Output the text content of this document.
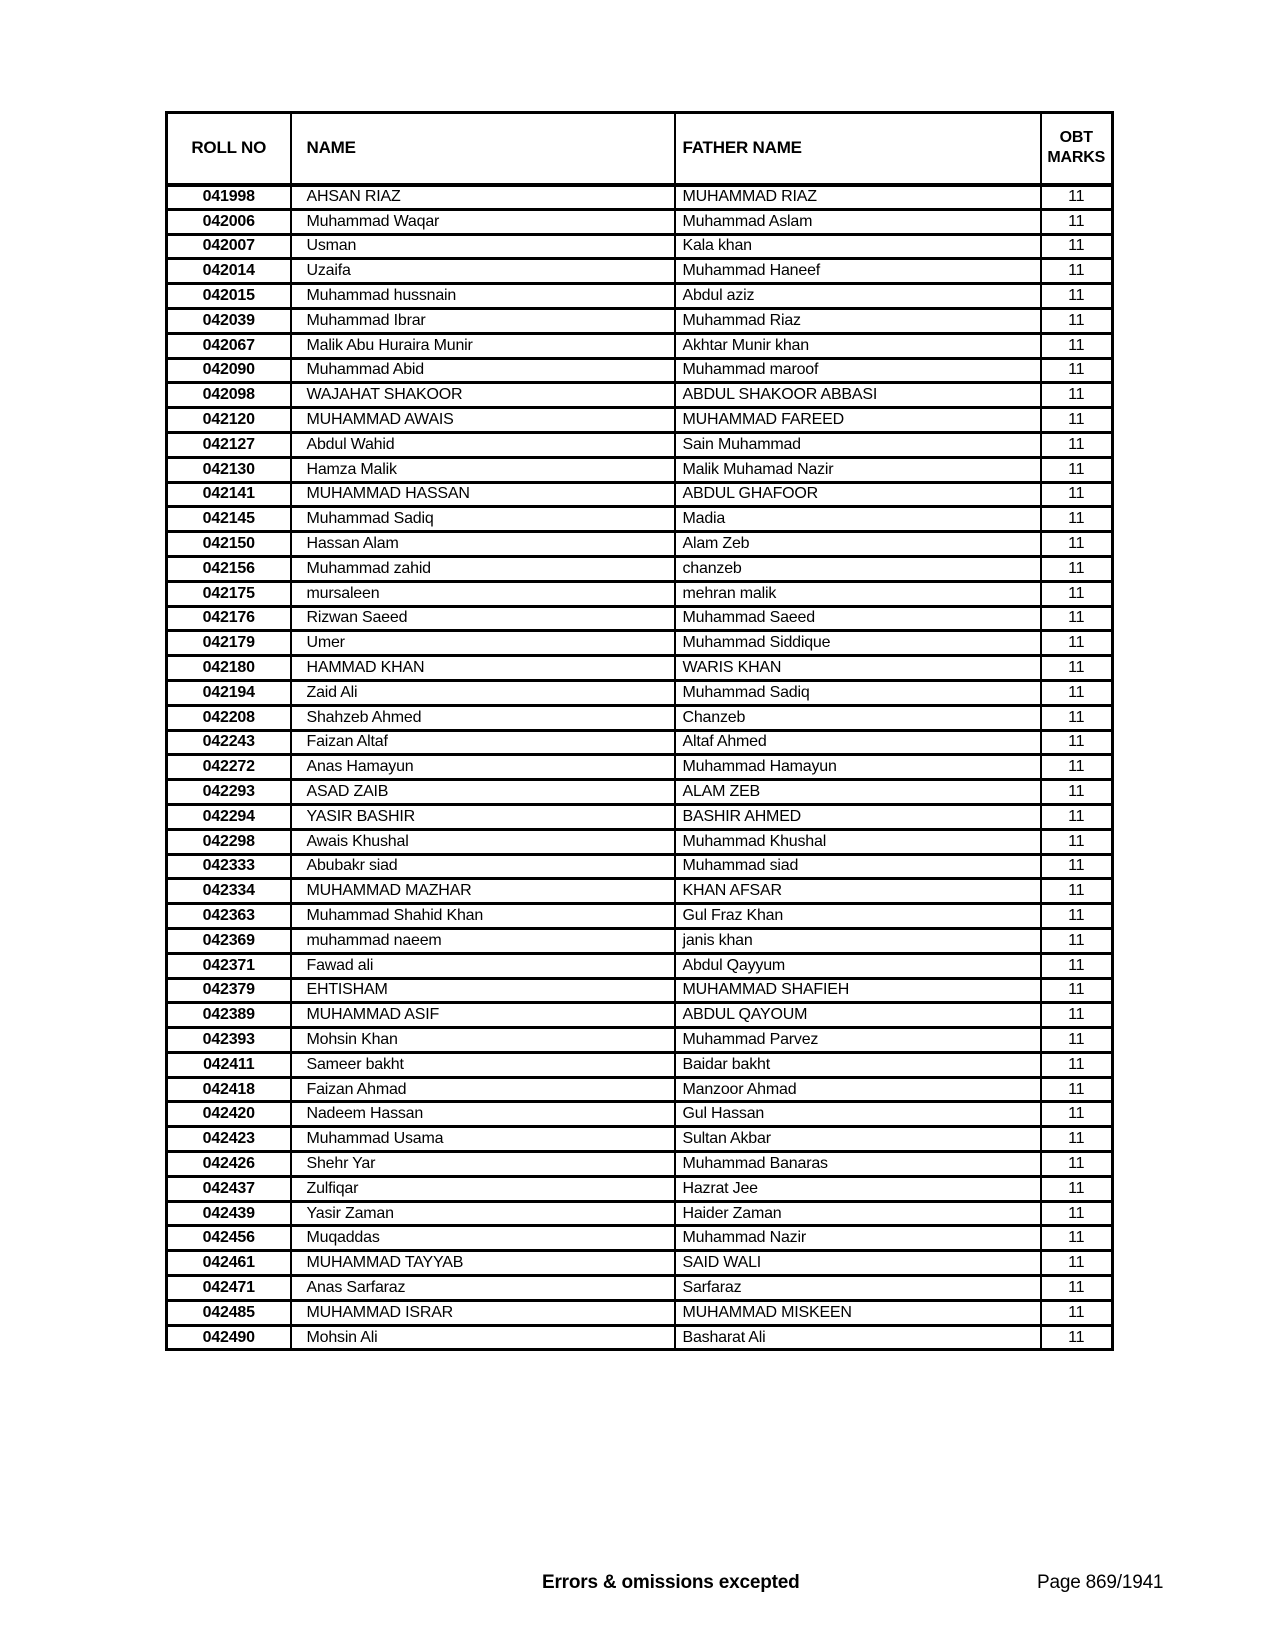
ROLL NO	NAME	FATHER NAME	OBT MARKS
041998	AHSAN RIAZ	MUHAMMAD RIAZ	11
042006	Muhammad Waqar	Muhammad Aslam	11
042007	Usman	Kala khan	11
042014	Uzaifa	Muhammad Haneef	11
042015	Muhammad hussnain	Abdul aziz	11
042039	Muhammad Ibrar	Muhammad Riaz	11
042067	Malik Abu Huraira Munir	Akhtar Munir khan	11
042090	Muhammad Abid	Muhammad maroof	11
042098	WAJAHAT SHAKOOR	ABDUL SHAKOOR ABBASI	11
042120	MUHAMMAD AWAIS	MUHAMMAD FAREED	11
042127	Abdul Wahid	Sain Muhammad	11
042130	Hamza Malik	Malik Muhamad Nazir	11
042141	MUHAMMAD HASSAN	ABDUL GHAFOOR	11
042145	Muhammad Sadiq	Madia	11
042150	Hassan Alam	Alam Zeb	11
042156	Muhammad zahid	chanzeb	11
042175	mursaleen	mehran malik	11
042176	Rizwan Saeed	Muhammad Saeed	11
042179	Umer	Muhammad Siddique	11
042180	HAMMAD KHAN	WARIS KHAN	11
042194	Zaid Ali	Muhammad Sadiq	11
042208	Shahzeb Ahmed	Chanzeb	11
042243	Faizan Altaf	Altaf Ahmed	11
042272	Anas Hamayun	Muhammad Hamayun	11
042293	ASAD ZAIB	ALAM ZEB	11
042294	YASIR BASHIR	BASHIR AHMED	11
042298	Awais Khushal	Muhammad Khushal	11
042333	Abubakr siad	Muhammad siad	11
042334	MUHAMMAD MAZHAR	KHAN AFSAR	11
042363	Muhammad Shahid Khan	Gul Fraz Khan	11
042369	muhammad naeem	janis khan	11
042371	Fawad ali	Abdul Qayyum	11
042379	EHTISHAM	MUHAMMAD SHAFIEH	11
042389	MUHAMMAD ASIF	ABDUL QAYOUM	11
042393	Mohsin Khan	Muhammad Parvez	11
042411	Sameer bakht	Baidar bakht	11
042418	Faizan Ahmad	Manzoor Ahmad	11
042420	Nadeem Hassan	Gul Hassan	11
042423	Muhammad Usama	Sultan Akbar	11
042426	Shehr Yar	Muhammad Banaras	11
042437	Zulfiqar	Hazrat Jee	11
042439	Yasir Zaman	Haider Zaman	11
042456	Muqaddas	Muhammad Nazir	11
042461	MUHAMMAD TAYYAB	SAID WALI	11
042471	Anas Sarfaraz	Sarfaraz	11
042485	MUHAMMAD ISRAR	MUHAMMAD MISKEEN	11
042490	Mohsin Ali	Basharat Ali	11
Errors & omissions excepted	Page 869/1941
